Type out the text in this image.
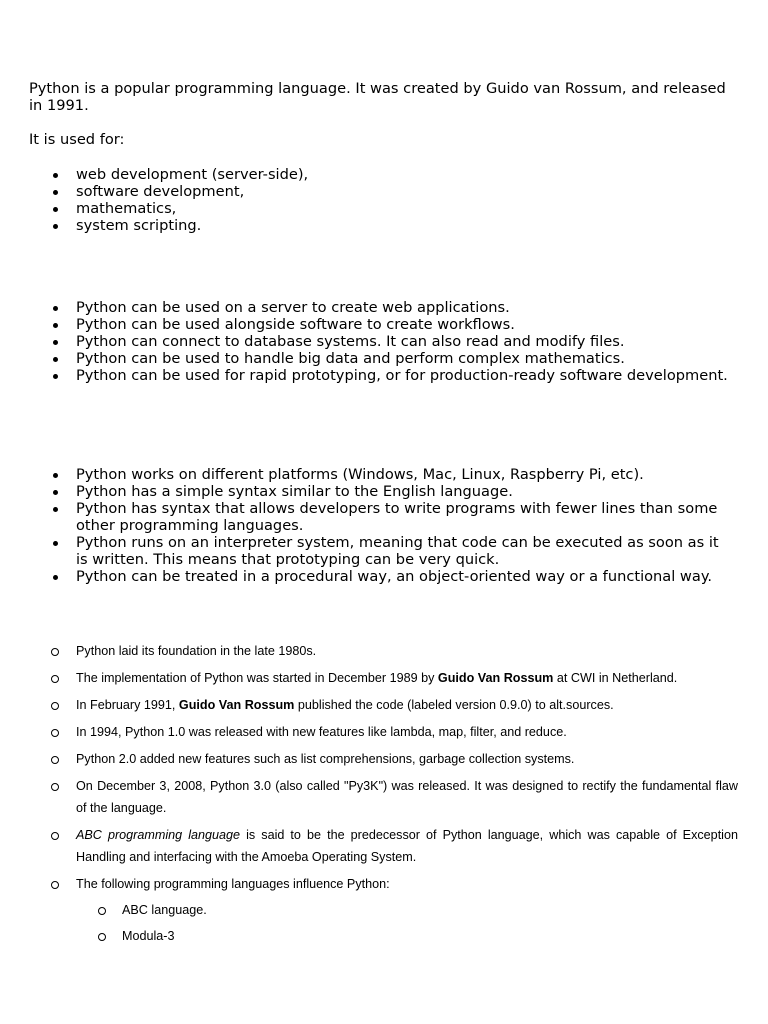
Python is a popular programming language. It was created by Guido van Rossum, and released in 1991.

It is used for:

web development (server-side),
software development,
mathematics,
system scripting.
Python can be used on a server to create web applications.
Python can be used alongside software to create workflows.
Python can connect to database systems. It can also read and modify files.
Python can be used to handle big data and perform complex mathematics.
Python can be used for rapid prototyping, or for production-ready software development.
Python works on different platforms (Windows, Mac, Linux, Raspberry Pi, etc).
Python has a simple syntax similar to the English language.
Python has syntax that allows developers to write programs with fewer lines than some other programming languages.
Python runs on an interpreter system, meaning that code can be executed as soon as it is written. This means that prototyping can be very quick.
Python can be treated in a procedural way, an object-oriented way or a functional way.
Python laid its foundation in the late 1980s.
The implementation of Python was started in December 1989 by Guido Van Rossum at CWI in Netherland.
In February 1991, Guido Van Rossum published the code (labeled version 0.9.0) to alt.sources.
In 1994, Python 1.0 was released with new features like lambda, map, filter, and reduce.
Python 2.0 added new features such as list comprehensions, garbage collection systems.
On December 3, 2008, Python 3.0 (also called "Py3K") was released. It was designed to rectify the fundamental flaw of the language.
ABC programming language is said to be the predecessor of Python language, which was capable of Exception Handling and interfacing with the Amoeba Operating System.
The following programming languages influence Python:
ABC language.
Modula-3
